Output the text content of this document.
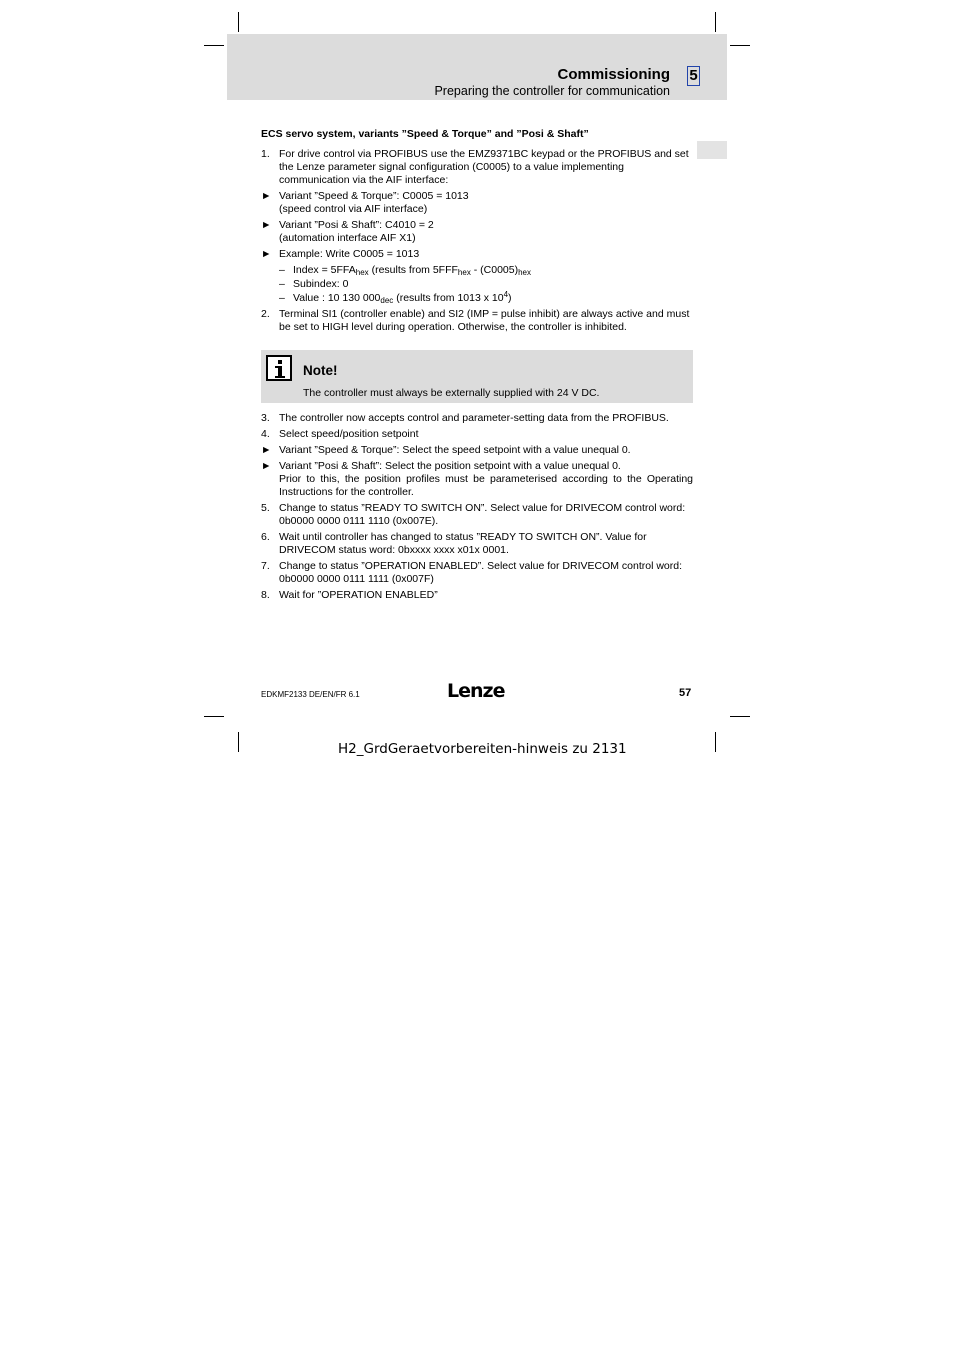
Commissioning 5
Preparing the controller for communication
ECS servo system, variants ”Speed & Torque” and ”Posi & Shaft”
1. For drive control via PROFIBUS use the EMZ9371BC keypad or the PROFIBUS and set the Lenze parameter signal configuration (C0005) to a value implementing communication via the AIF interface:
► Variant ”Speed & Torque”: C0005 = 1013
(speed control via AIF interface)
► Variant ”Posi & Shaft”: C4010 = 2
(automation interface AIF X1)
► Example: Write C0005 = 1013
– Index = $5FFA_{hex}$ (results from $5FFF_{hex} - (C0005)_{hex}$
– Subindex: 0
– Value : 10 130 $000_{dec}$ (results from 1013 x $10^4$)
2. Terminal SI1 (controller enable) and SI2 (IMP = pulse inhibit) are always active and must be set to HIGH level during operation. Otherwise, the controller is inhibited.
Note!
The controller must always be externally supplied with 24 V DC.
3. The controller now accepts control and parameter-setting data from the PROFIBUS.
4. Select speed/position setpoint
► Variant ”Speed & Torque”: Select the speed setpoint with a value unequal 0.
► Variant ”Posi & Shaft”: Select the position setpoint with a value unequal 0.
Prior to this, the position profiles must be parameterised according to the Operating Instructions for the controller.
5. Change to status ”READY TO SWITCH ON”. Select value for DRIVECOM control word: 0b0000 0000 0111 1110 (0x007E).
6. Wait until controller has changed to status ”READY TO SWITCH ON”. Value for DRIVECOM status word: 0bxxxx xxxx x01x 0001.
7. Change to status ”OPERATION ENABLED”. Select value for DRIVECOM control word: 0b0000 0000 0111 1111 (0x007F)
8. Wait for ”OPERATION ENABLED”
EDKMF2133 DE/EN/FR 6.1	Lenze	57
H2_GrdGeraetvorbereiten-hinweis zu 2131
